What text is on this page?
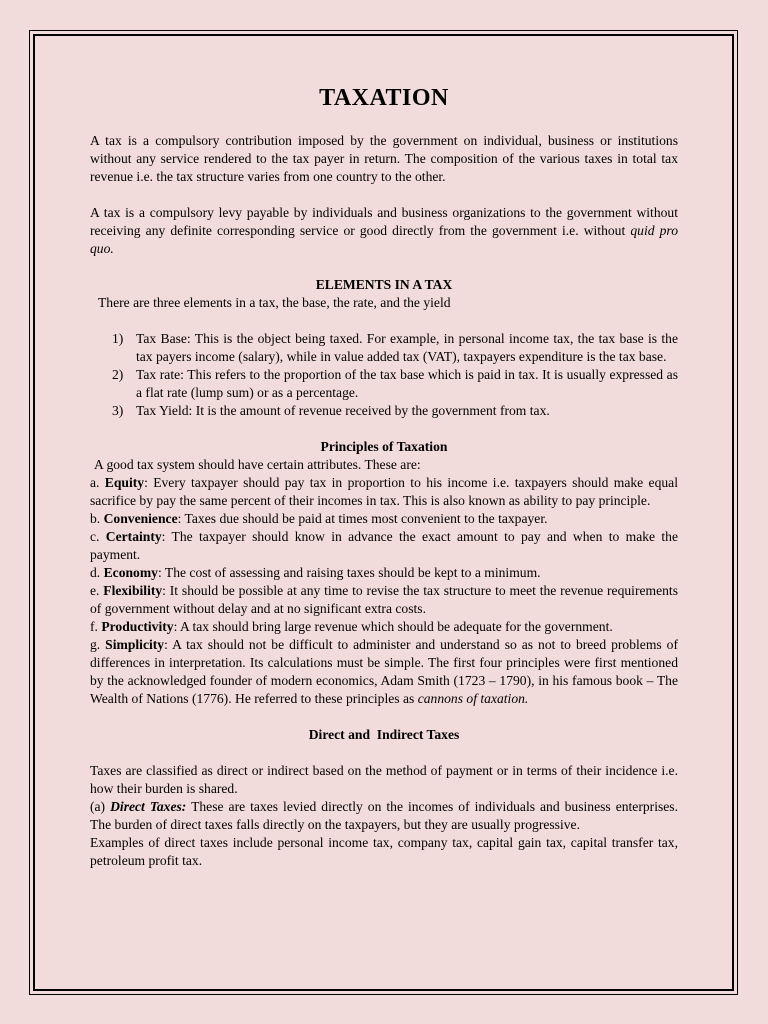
TAXATION

A tax is a compulsory contribution imposed by the government on individual, business or institutions without any service rendered to the tax payer in return. The composition of the various taxes in total tax revenue i.e. the tax structure varies from one country to the other.

A tax is a compulsory levy payable by individuals and business organizations to the government without receiving any definite corresponding service or good directly from the government i.e. without quid pro quo.

ELEMENTS IN A TAX

There are three elements in a tax, the base, the rate, and the yield

1) Tax Base: This is the object being taxed. For example, in personal income tax, the tax base is the tax payers income (salary), while in value added tax (VAT), taxpayers expenditure is the tax base.
2) Tax rate: This refers to the proportion of the tax base which is paid in tax. It is usually expressed as a flat rate (lump sum) or as a percentage.
3) Tax Yield: It is the amount of revenue received by the government from tax.

Principles of Taxation

A good tax system should have certain attributes. These are:

a. Equity: Every taxpayer should pay tax in proportion to his income i.e. taxpayers should make equal sacrifice by pay the same percent of their incomes in tax. This is also known as ability to pay principle.

b. Convenience: Taxes due should be paid at times most convenient to the taxpayer.

c. Certainty: The taxpayer should know in advance the exact amount to pay and when to make the payment.

d. Economy: The cost of assessing and raising taxes should be kept to a minimum.

e. Flexibility: It should be possible at any time to revise the tax structure to meet the revenue requirements of government without delay and at no significant extra costs.

f. Productivity: A tax should bring large revenue which should be adequate for the government.

g. Simplicity: A tax should not be difficult to administer and understand so as not to breed problems of differences in interpretation. Its calculations must be simple. The first four principles were first mentioned by the acknowledged founder of modern economics, Adam Smith (1723 – 1790), in his famous book – The Wealth of Nations (1776). He referred to these principles as cannons of taxation.

Direct and  Indirect Taxes

Taxes are classified as direct or indirect based on the method of payment or in terms of their incidence i.e. how their burden is shared.

(a) Direct Taxes: These are taxes levied directly on the incomes of individuals and business enterprises. The burden of direct taxes falls directly on the taxpayers, but they are usually progressive.

Examples of direct taxes include personal income tax, company tax, capital gain tax, capital transfer tax, petroleum profit tax.
